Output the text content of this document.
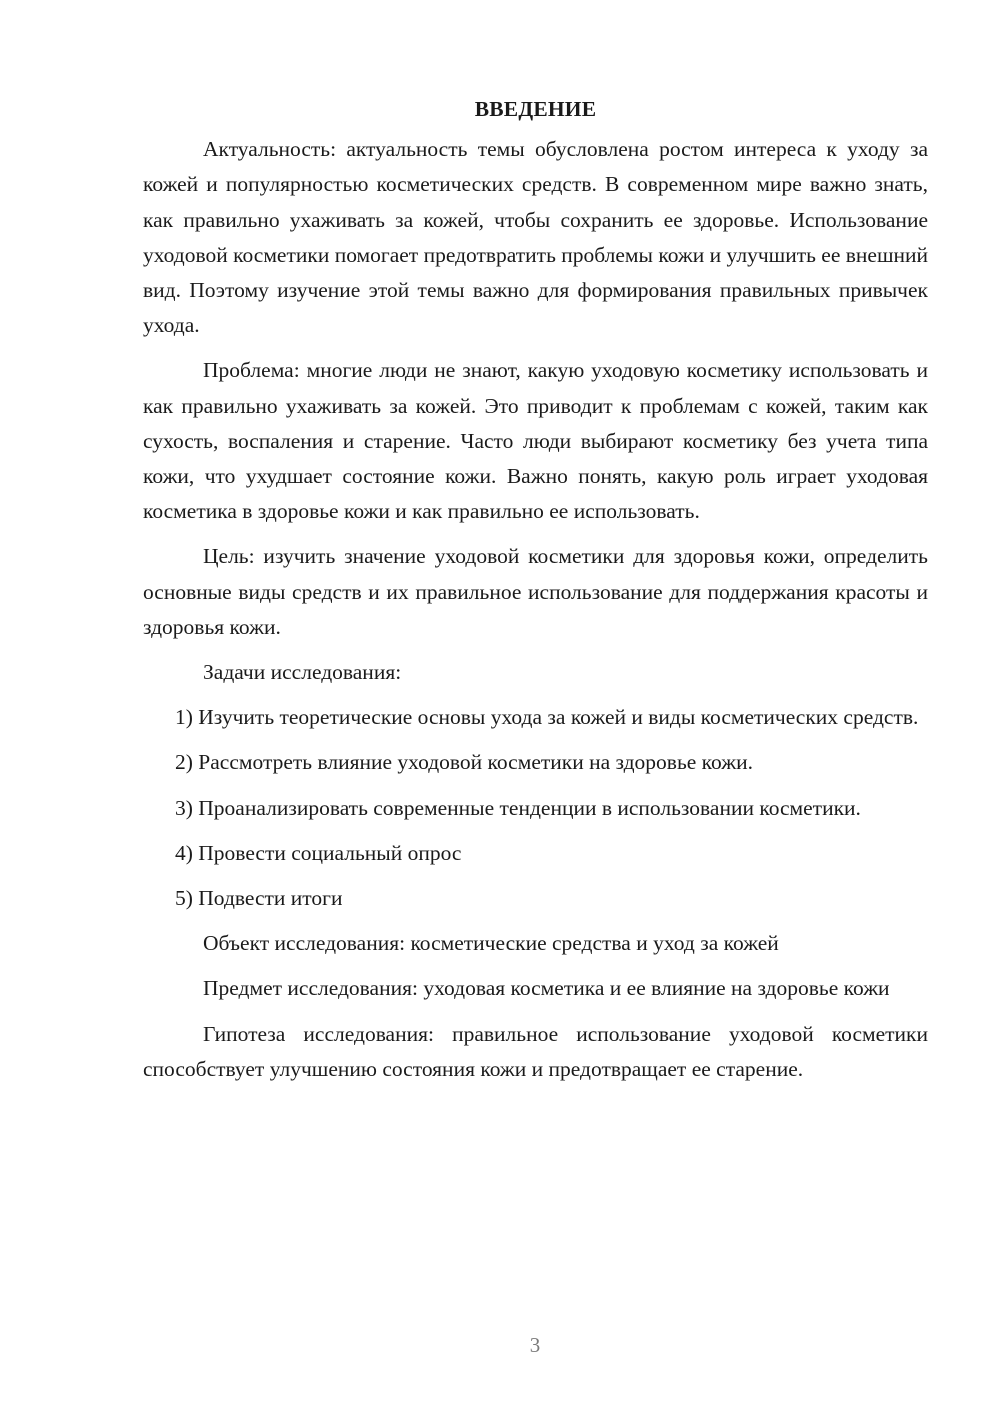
ВВЕДЕНИЕ

Актуальность: актуальность темы обусловлена ростом интереса к уходу за кожей и популярностью косметических средств. В современном мире важно знать, как правильно ухаживать за кожей, чтобы сохранить ее здоровье. Использование уходовой косметики помогает предотвратить проблемы кожи и улучшить ее внешний вид. Поэтому изучение этой темы важно для формирования правильных привычек ухода.

Проблема: многие люди не знают, какую уходовую косметику использовать и как правильно ухаживать за кожей. Это приводит к проблемам с кожей, таким как сухость, воспаления и старение. Часто люди выбирают косметику без учета типа кожи, что ухудшает состояние кожи. Важно понять, какую роль играет уходовая косметика в здоровье кожи и как правильно ее использовать.

Цель: изучить значение уходовой косметики для здоровья кожи, определить основные виды средств и их правильное использование для поддержания красоты и здоровья кожи.

Задачи исследования:

1) Изучить теоретические основы ухода за кожей и виды косметических средств.

2) Рассмотреть влияние уходовой косметики на здоровье кожи.

3) Проанализировать современные тенденции в использовании косметики.

4) Провести социальный опрос

5) Подвести итоги

Объект исследования: косметические средства и уход за кожей

Предмет исследования: уходовая косметика и ее влияние на здоровье кожи

Гипотеза исследования: правильное использование уходовой косметики способствует улучшению состояния кожи и предотвращает ее старение.

3
